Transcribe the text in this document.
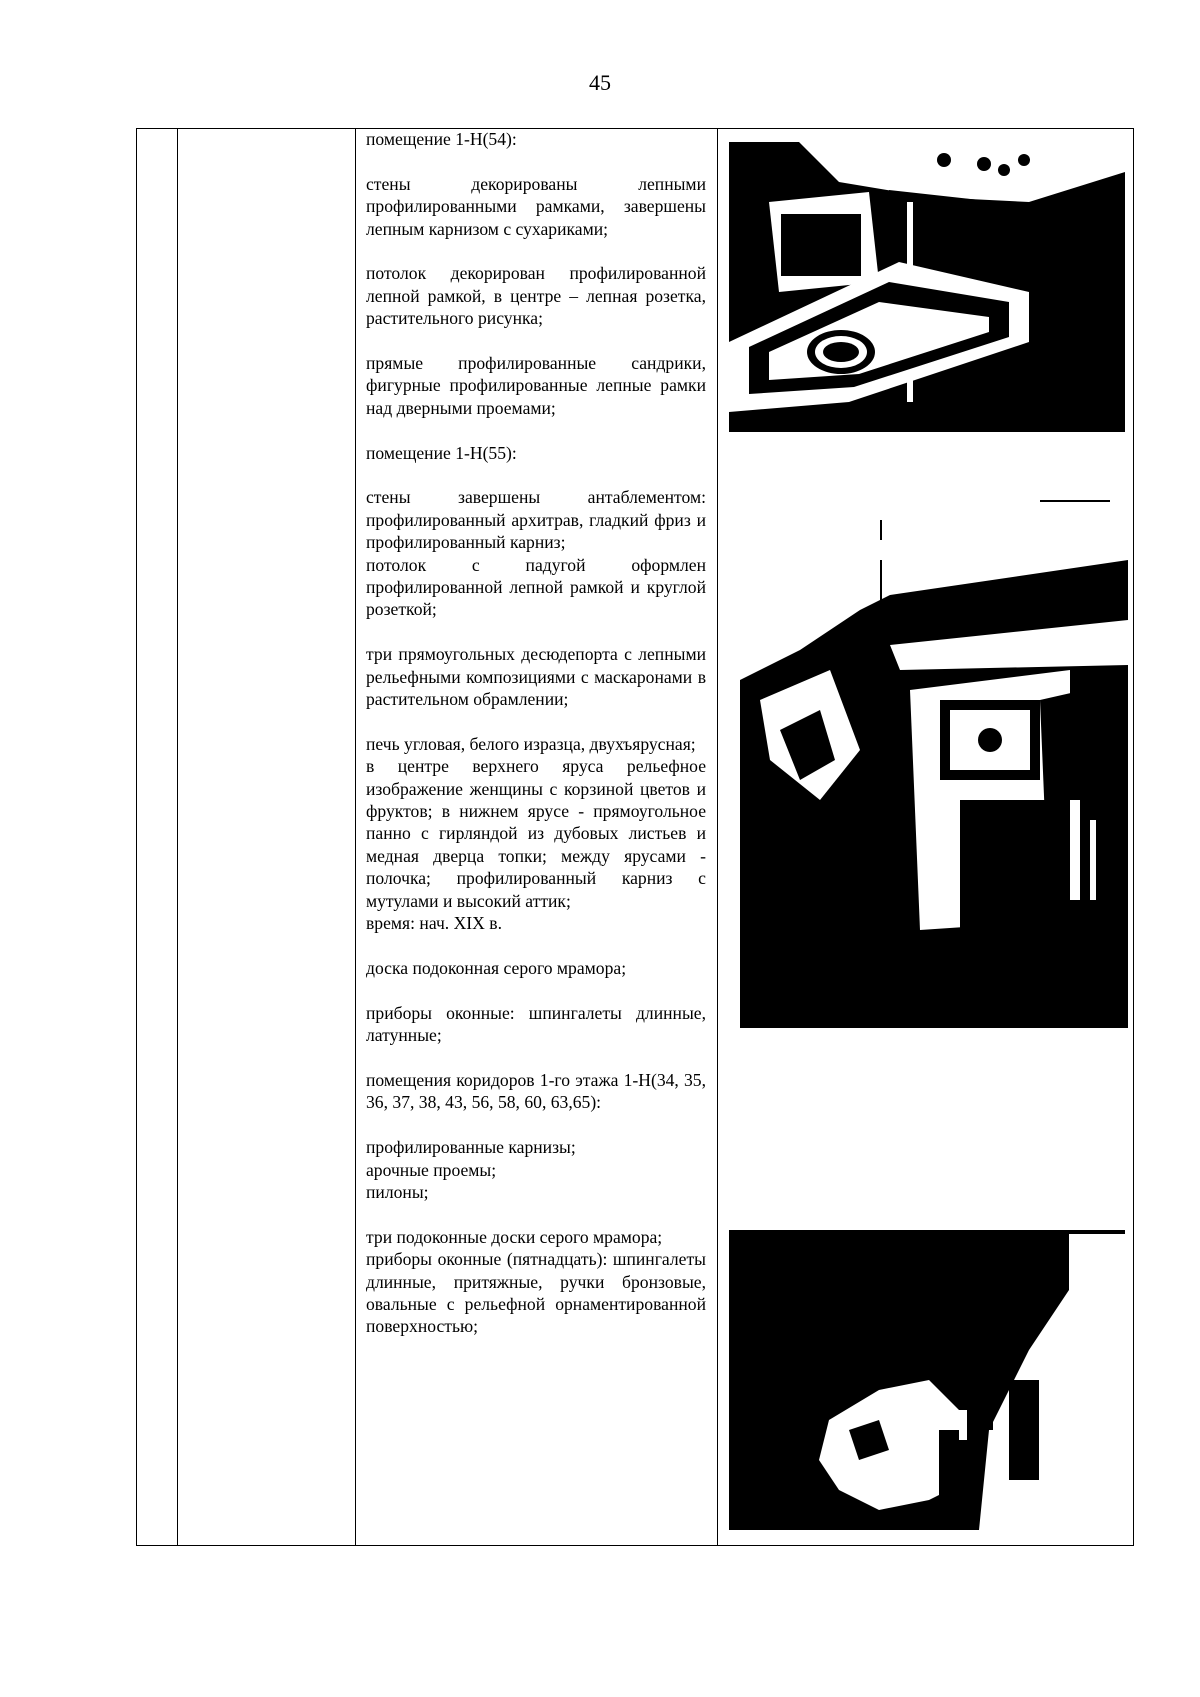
45

помещение 1-Н(54):

стены декорированы лепными профилированными рамками, завершены лепным карнизом с сухариками;

потолок декорирован профилированной лепной рамкой, в центре – лепная розетка, растительного рисунка;

прямые профилированные сандрики, фигурные профилированные лепные рамки над дверными проемами;

помещение 1-Н(55):

стены завершены антаблементом: профилированный архитрав, гладкий фриз и профилированный карниз;

потолок с падугой оформлен профилированной лепной рамкой и круглой розеткой;

три прямоугольных десюдепорта с лепными рельефными композициями с маскаронами в растительном обрамлении;

печь угловая, белого изразца, двухъярусная;

в центре верхнего яруса рельефное изображение женщины с корзиной цветов и фруктов; в нижнем ярусе - прямоугольное панно с гирляндой из дубовых листьев и медная дверца топки; между ярусами - полочка; профилированный карниз с мутулами и высокий аттик;

время: нач. XIX в.

доска подоконная серого мрамора;

приборы оконные: шпингалеты длинные, латунные;

помещения коридоров 1-го этажа 1-Н(34, 35, 36, 37, 38, 43, 56, 58, 60, 63,65):

профилированные карнизы;

арочные проемы;

пилоны;

три подоконные доски серого мрамора;

приборы оконные (пятнадцать): шпингалеты длинные, притяжные, ручки бронзовые, овальные с рельефной орнаментированной поверхностью;
